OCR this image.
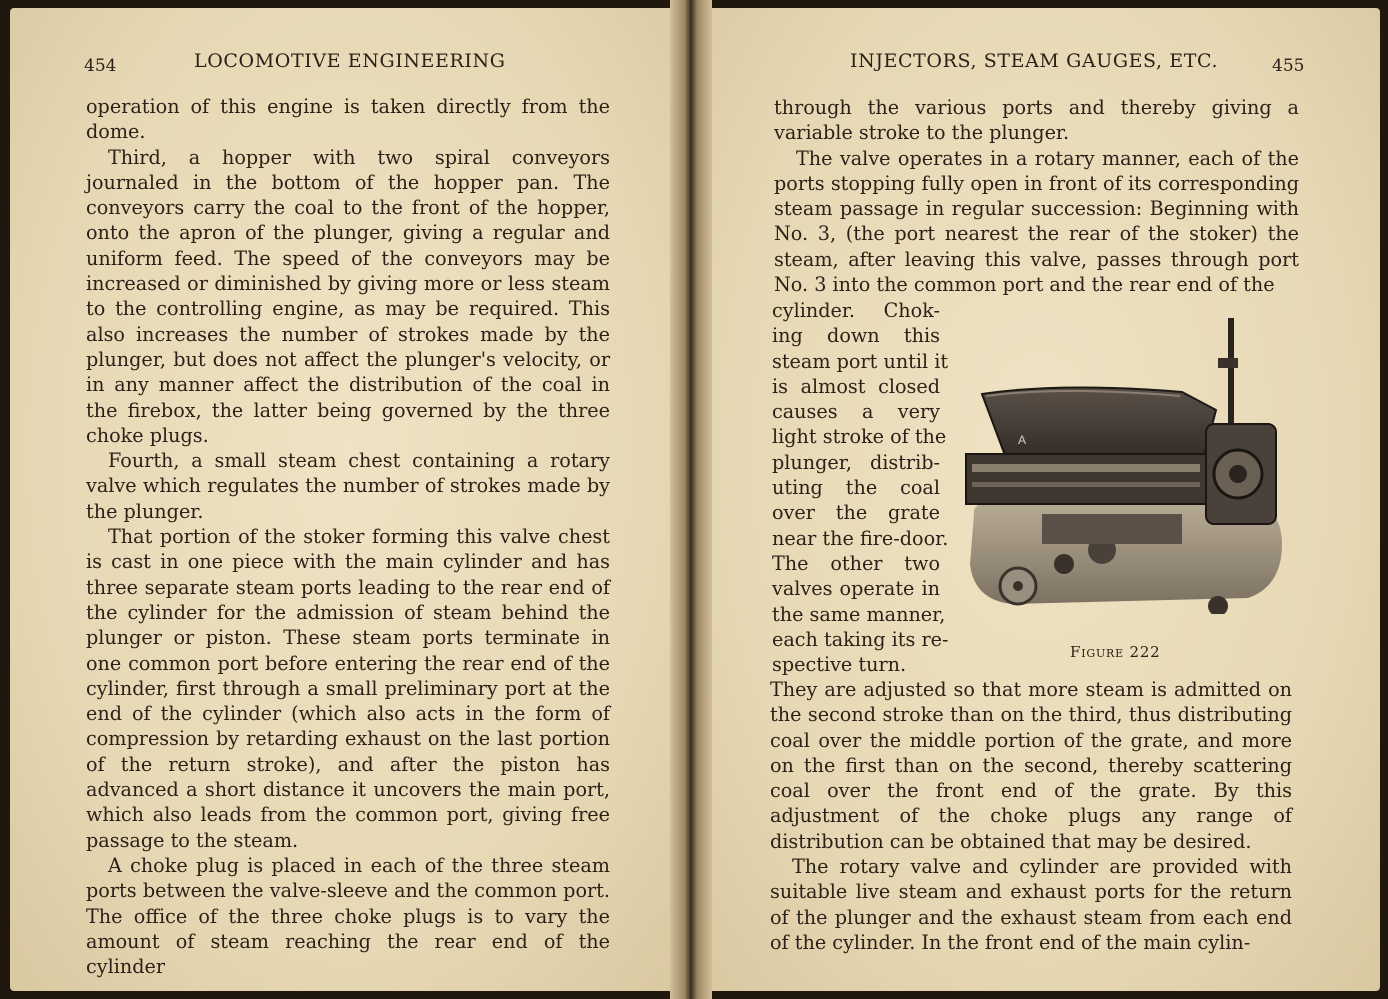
454	LOCOMOTIVE ENGINEERING

operation of this engine is taken directly from the dome.

Third, a hopper with two spiral conveyors journaled in the bottom of the hopper pan. The conveyors carry the coal to the front of the hopper, onto the apron of the plunger, giving a regular and uniform feed. The speed of the conveyors may be increased or diminished by giving more or less steam to the controlling engine, as may be required. This also increases the number of strokes made by the plunger, but does not affect the plunger's velocity, or in any manner affect the distribution of the coal in the firebox, the latter being governed by the three choke plugs.

Fourth, a small steam chest containing a rotary valve which regulates the number of strokes made by the plunger.

That portion of the stoker forming this valve chest is cast in one piece with the main cylinder and has three separate steam ports leading to the rear end of the cylinder for the admission of steam behind the plunger or piston. These steam ports terminate in one common port before entering the rear end of the cylinder, first through a small preliminary port at the end of the cylinder (which also acts in the form of compression by retarding exhaust on the last portion of the return stroke), and after the piston has advanced a short distance it uncovers the main port, which also leads from the common port, giving free passage to the steam.

A choke plug is placed in each of the three steam ports between the valve-sleeve and the common port. The office of the three choke plugs is to vary the amount of steam reaching the rear end of the cylinder

INJECTORS, STEAM GAUGES, ETC.	455

through the various ports and thereby giving a variable stroke to the plunger.

The valve operates in a rotary manner, each of the ports stopping fully open in front of its corresponding steam passage in regular succession: Beginning with No. 3, (the port nearest the rear of the stoker) the steam, after leaving this valve, passes through port No. 3 into the common port and the rear end of the

cylinder. Chok-
ing down this
steam port until it
is almost closed
causes a very
light stroke of the
plunger, distrib-
uting the coal
over the grate
near the fire-door.
The other two
valves operate in
the same manner,
each taking its re-
spective turn.
A
Figure 222

They are adjusted so that more steam is admitted on the second stroke than on the third, thus distributing coal over the middle portion of the grate, and more on the first than on the second, thereby scattering coal over the front end of the grate. By this adjustment of the choke plugs any range of distribution can be obtained that may be desired.

The rotary valve and cylinder are provided with suitable live steam and exhaust ports for the return of the plunger and the exhaust steam from each end of the cylinder. In the front end of the main cylin-
